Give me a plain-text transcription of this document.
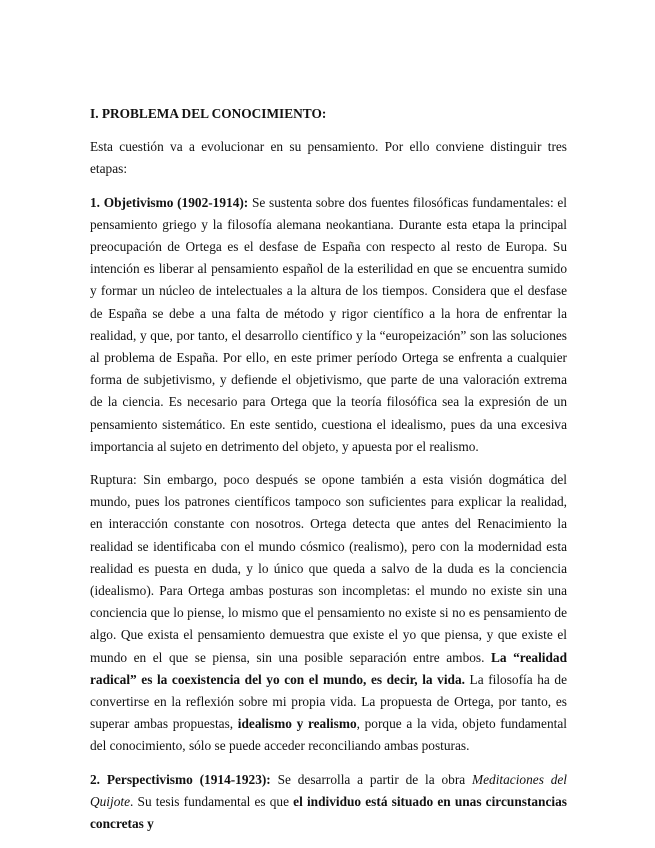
I. PROBLEMA DEL CONOCIMIENTO:

Esta cuestión va a evolucionar en su pensamiento. Por ello conviene distinguir tres etapas:

1. Objetivismo (1902-1914): Se sustenta sobre dos fuentes filosóficas fundamentales: el pensamiento griego y la filosofía alemana neokantiana. Durante esta etapa la principal preocupación de Ortega es el desfase de España con respecto al resto de Europa. Su intención es liberar al pensamiento español de la esterilidad en que se encuentra sumido y formar un núcleo de intelectuales a la altura de los tiempos. Considera que el desfase de España se debe a una falta de método y rigor científico a la hora de enfrentar la realidad, y que, por tanto, el desarrollo científico y la “europeización” son las soluciones al problema de España. Por ello, en este primer período Ortega se enfrenta a cualquier forma de subjetivismo, y defiende el objetivismo, que parte de una valoración extrema de la ciencia. Es necesario para Ortega que la teoría filosófica sea la expresión de un pensamiento sistemático. En este sentido, cuestiona el idealismo, pues da una excesiva importancia al sujeto en detrimento del objeto, y apuesta por el realismo.

Ruptura: Sin embargo, poco después se opone también a esta visión dogmática del mundo, pues los patrones científicos tampoco son suficientes para explicar la realidad, en interacción constante con nosotros. Ortega detecta que antes del Renacimiento la realidad se identificaba con el mundo cósmico (realismo), pero con la modernidad esta realidad es puesta en duda, y lo único que queda a salvo de la duda es la conciencia (idealismo). Para Ortega ambas posturas son incompletas: el mundo no existe sin una conciencia que lo piense, lo mismo que el pensamiento no existe si no es pensamiento de algo. Que exista el pensamiento demuestra que existe el yo que piensa, y que existe el mundo en el que se piensa, sin una posible separación entre ambos. La “realidad radical” es la coexistencia del yo con el mundo, es decir, la vida. La filosofía ha de convertirse en la reflexión sobre mi propia vida. La propuesta de Ortega, por tanto, es superar ambas propuestas, idealismo y realismo, porque a la vida, objeto fundamental del conocimiento, sólo se puede acceder reconciliando ambas posturas.

2. Perspectivismo (1914-1923): Se desarrolla a partir de la obra Meditaciones del Quijote. Su tesis fundamental es que el individuo está situado en unas circunstancias concretas y
